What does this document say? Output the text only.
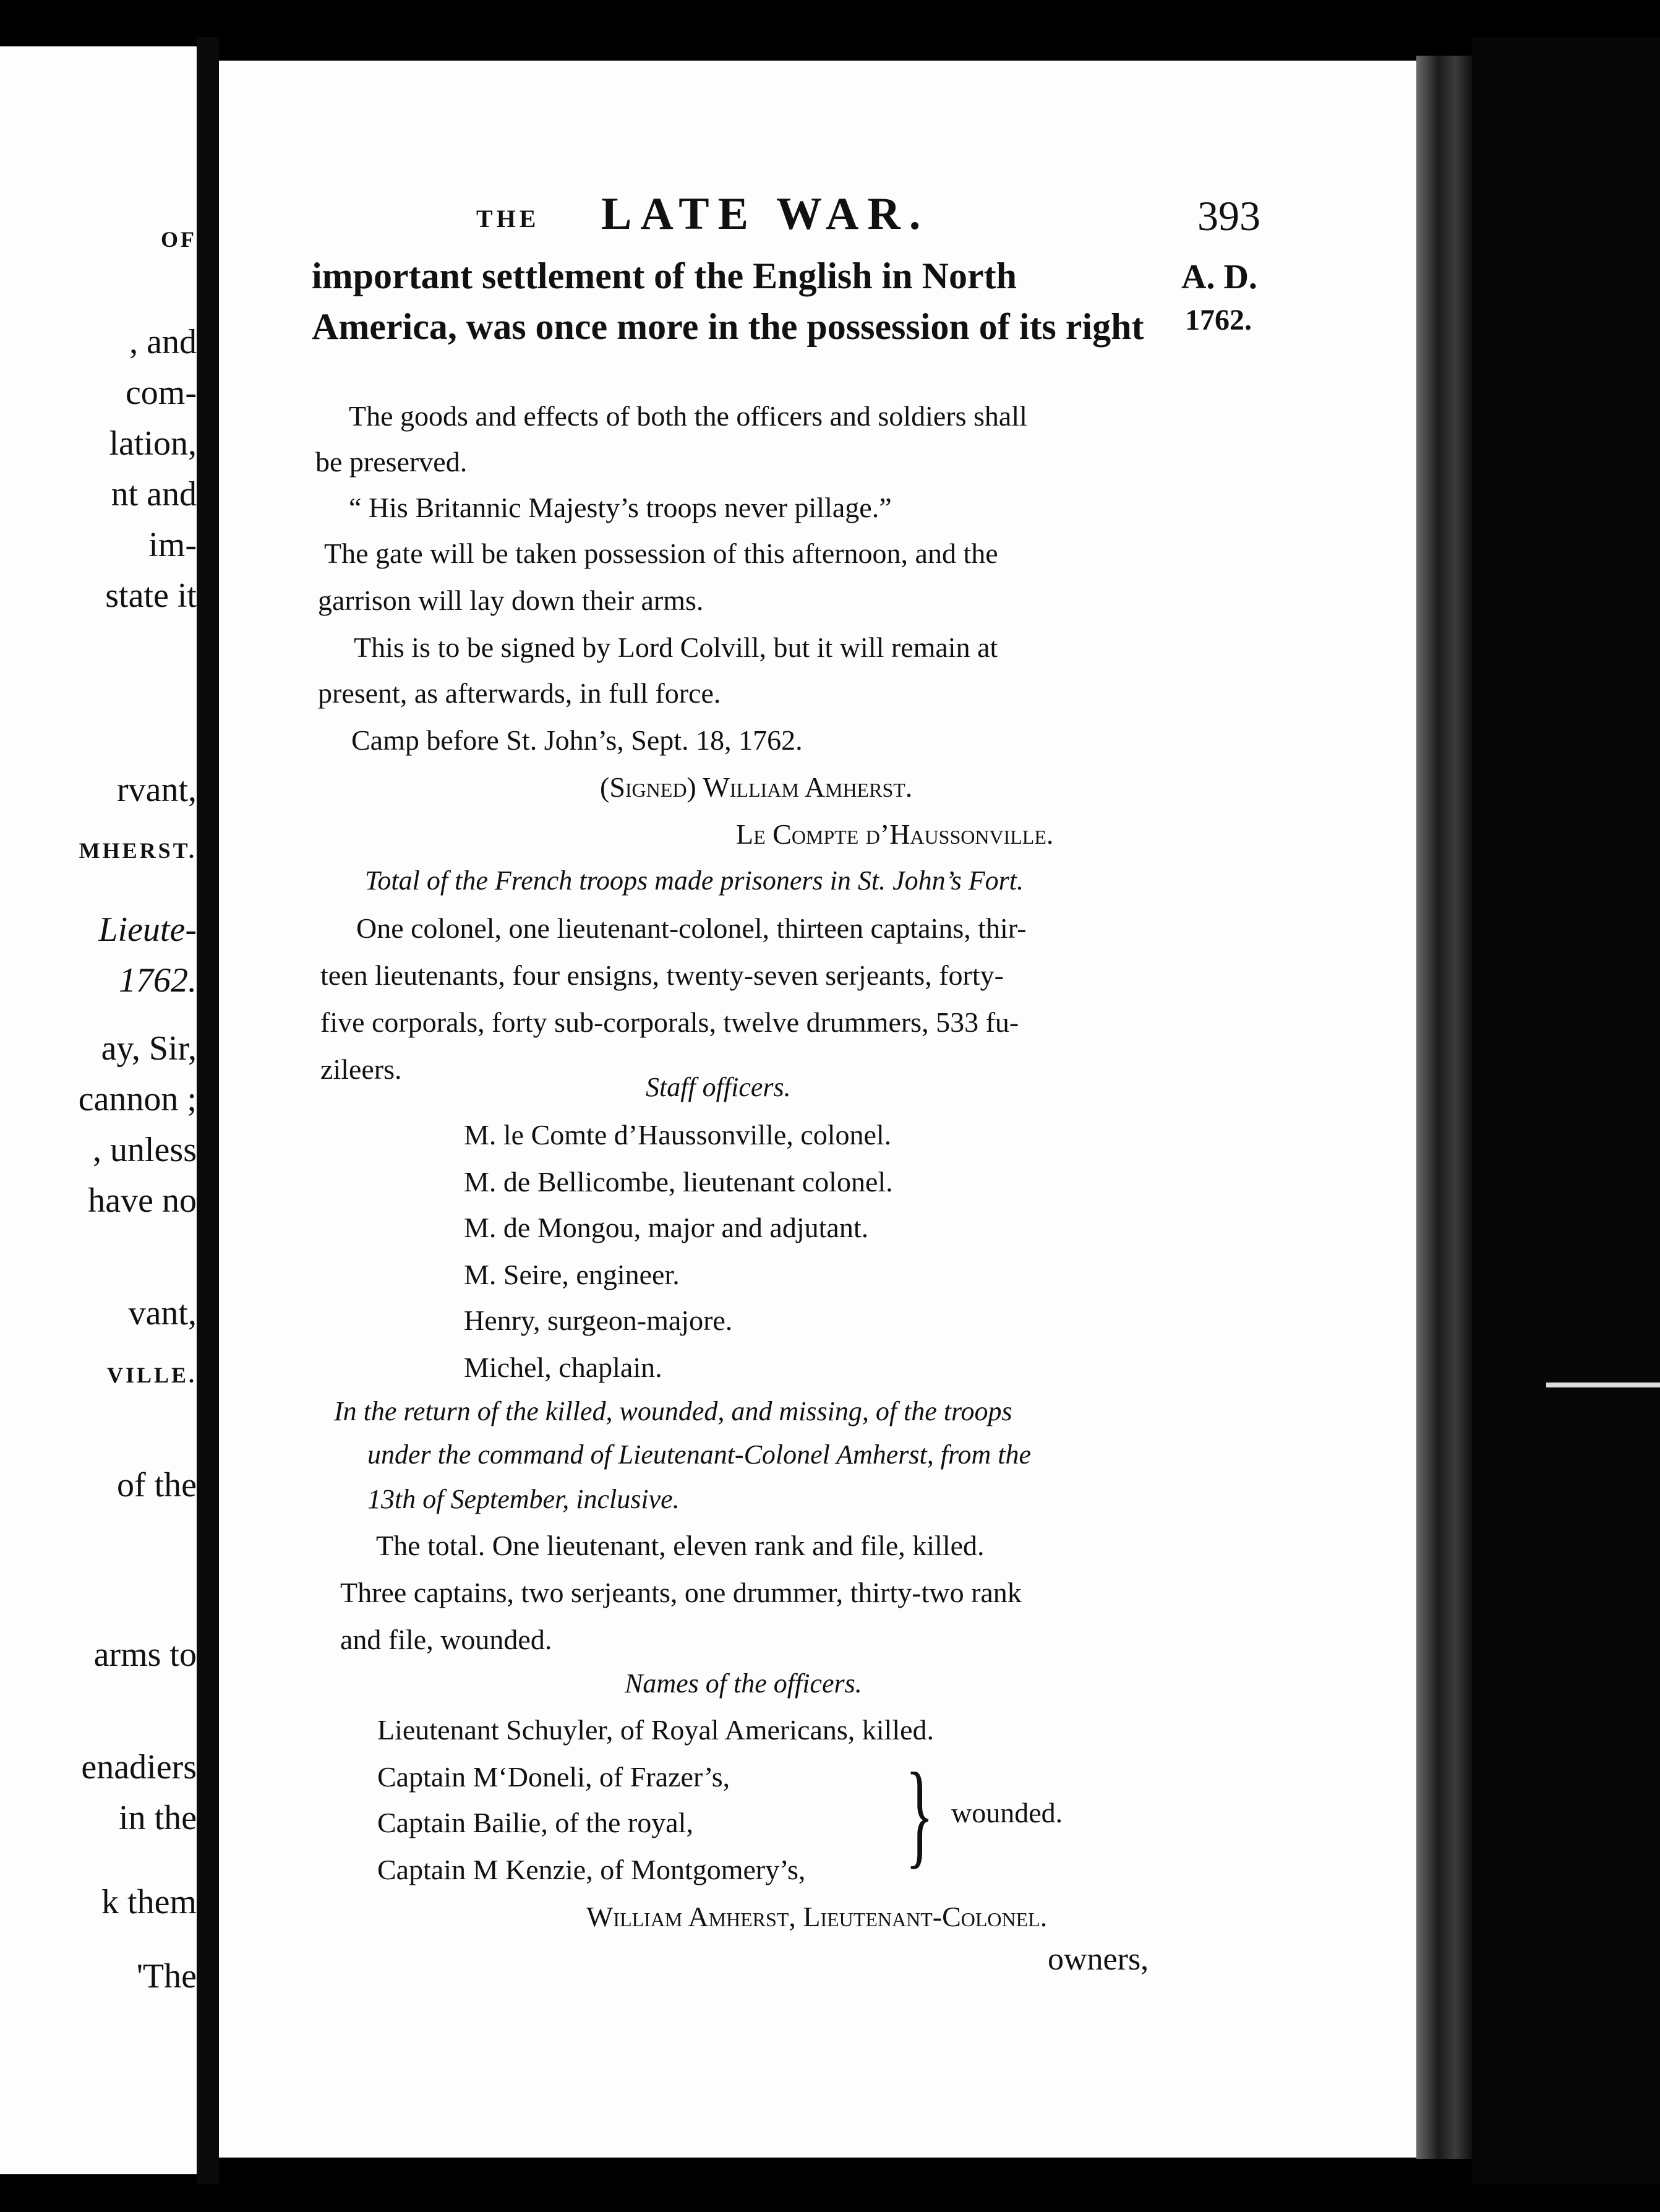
OF
, and
com-
lation,
nt and
im-
state it
rvant,
MHERST.
Lieute-
1762.
ay, Sir,
cannon ;
, unless
have no
vant,
VILLE.
of the
arms to
enadiers
in the
k them
'The
THE LATE WAR.	393
A. D.
1762.
important settlement of the English in North
America, was once more in the possession of its right
The goods and effects of both the officers and soldiers shall
be preserved.
“ His Britannic Majesty’s troops never pillage.”
The gate will be taken possession of this afternoon, and the
garrison will lay down their arms.
This is to be signed by Lord Colvill, but it will remain at
present, as afterwards, in full force.
Camp before St. John’s, Sept. 18, 1762.
(Signed) William Amherst.
Le Compte d’Haussonville.
Total of the French troops made prisoners in St. John’s Fort.
One colonel, one lieutenant-colonel, thirteen captains, thir-
teen lieutenants, four ensigns, twenty-seven serjeants, forty-
five corporals, forty sub-corporals, twelve drummers, 533 fu-
zileers.
Staff officers.
M. le Comte d’Haussonville, colonel.
M. de Bellicombe, lieutenant colonel.
M. de Mongou, major and adjutant.
M. Seire, engineer.
Henry, surgeon-majore.
Michel, chaplain.
In the return of the killed, wounded, and missing, of the troops
under the command of Lieutenant-Colonel Amherst, from the
13th of September, inclusive.
The total. One lieutenant, eleven rank and file, killed.
Three captains, two serjeants, one drummer, thirty-two rank
and file, wounded.
Names of the officers.
Lieutenant Schuyler, of Royal Americans, killed.
Captain M‘Doneli, of Frazer’s,
Captain Bailie, of the royal,
Captain M Kenzie, of Montgomery’s, } wounded.
William Amherst, Lieutenant-Colonel.
owners,
